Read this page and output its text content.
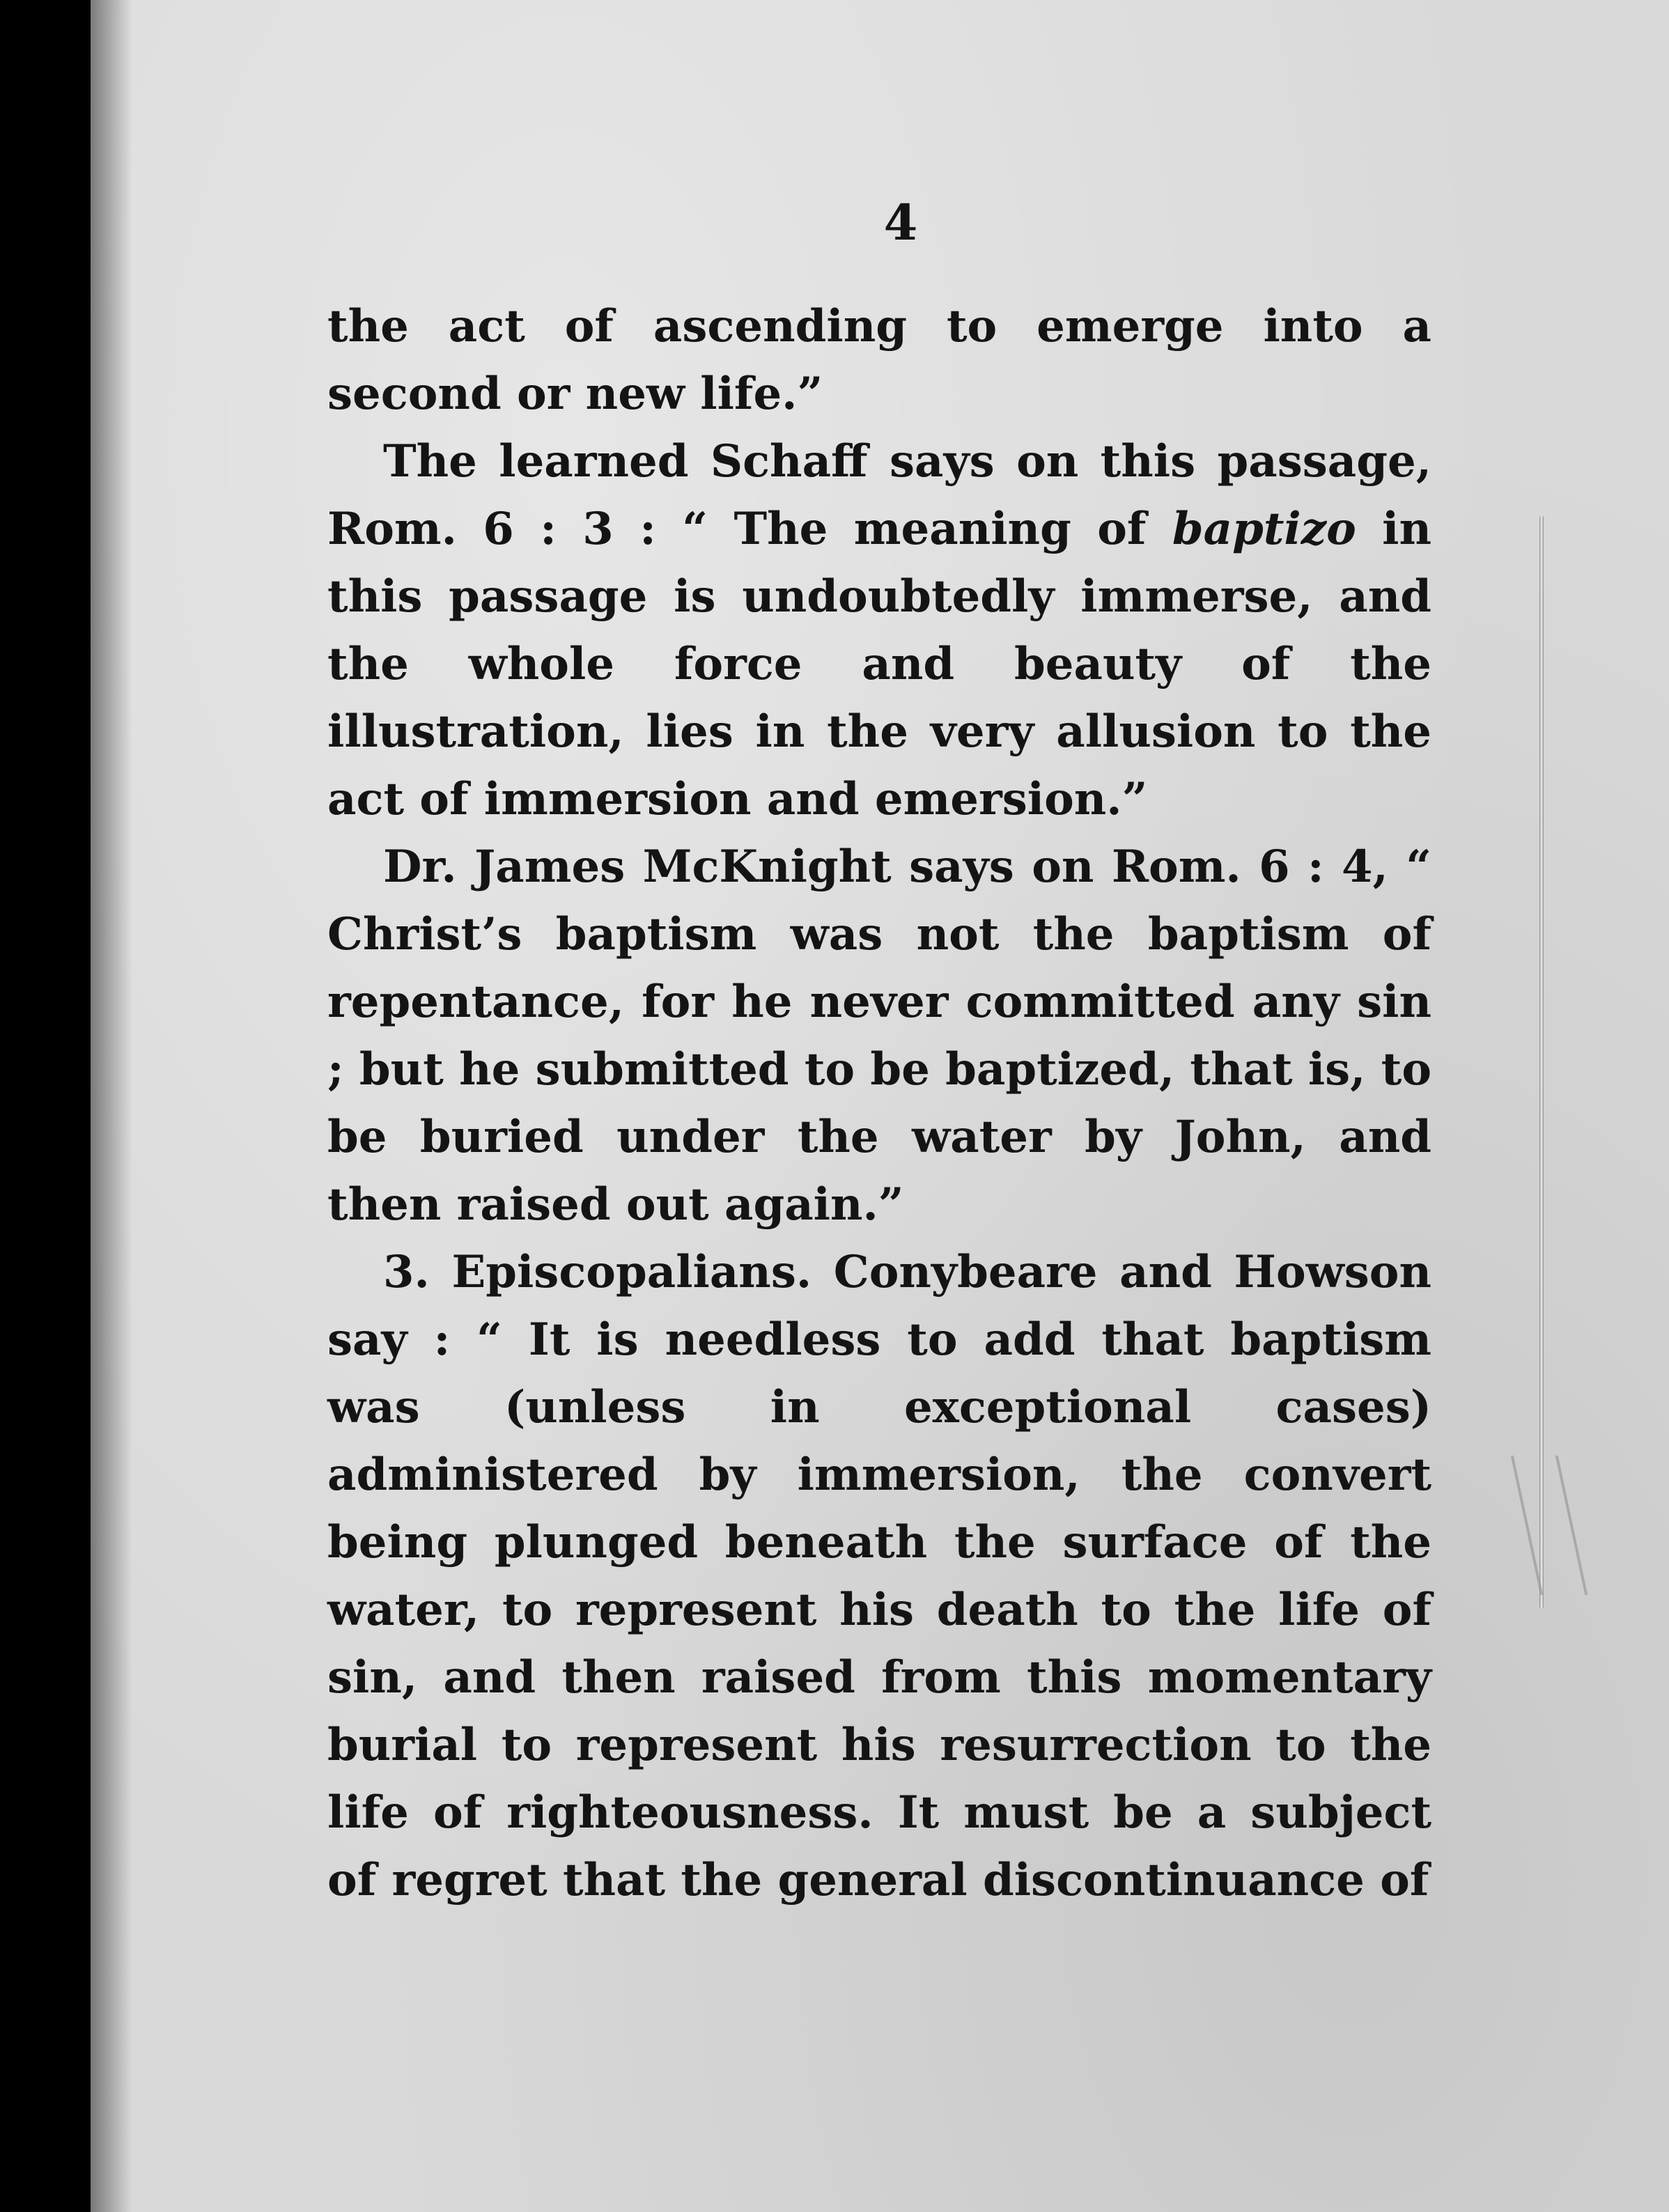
4

the act of ascending to emerge into a second or new life.”

The learned Schaff says on this passage, Rom. 6 : 3 : “ The meaning of baptizo in this passage is undoubtedly immerse, and the whole force and beauty of the illustration, lies in the very allusion to the act of immersion and emersion.”

Dr. James McKnight says on Rom. 6 : 4, “ Christ’s baptism was not the baptism of repentance, for he never committed any sin ; but he submitted to be baptized, that is, to be buried under the water by John, and then raised out again.”

3. Episcopalians. Conybeare and Howson say : “ It is needless to add that baptism was (unless in exceptional cases) administered by immersion, the convert being plunged beneath the surface of the water, to represent his death to the life of sin, and then raised from this momentary burial to represent his resurrection to the life of righteousness. It must be a subject of regret that the general discontinuance of
